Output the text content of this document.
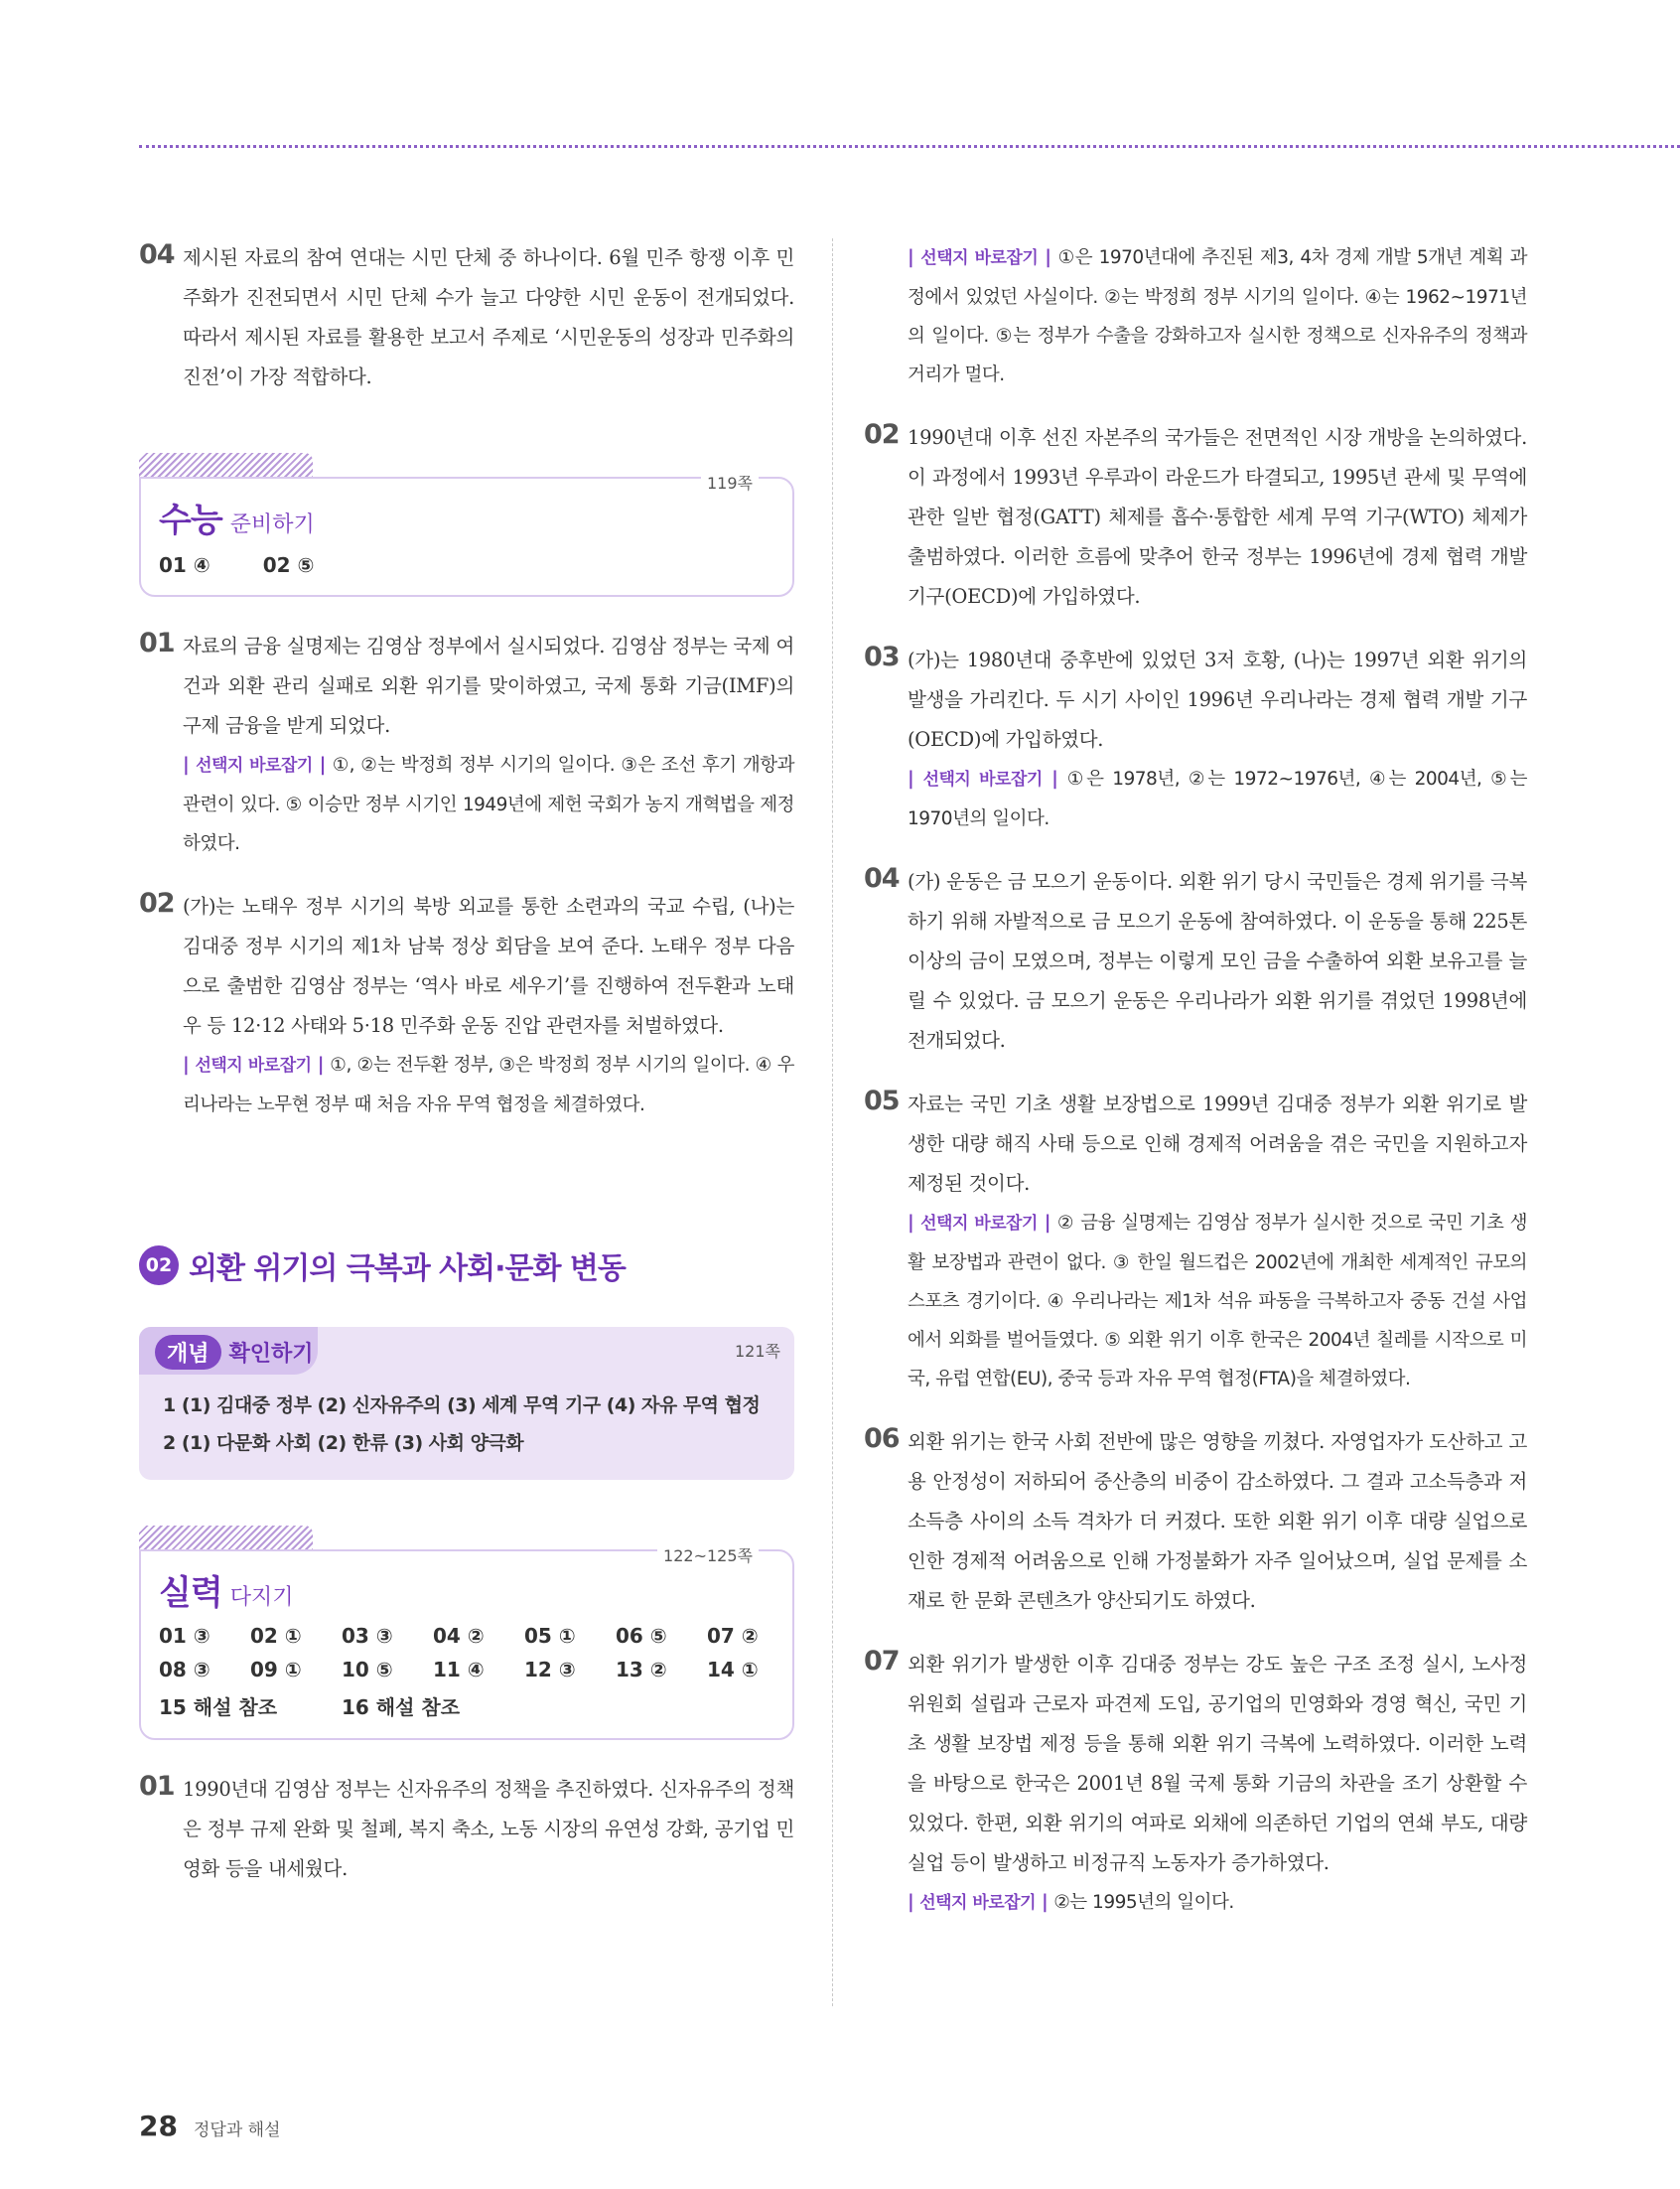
04 제시된 자료의 참여 연대는 시민 단체 중 하나이다. 6월 민주 항쟁 이후 민주화가 진전되면서 시민 단체 수가 늘고 다양한 시민 운동이 전개되었다. 따라서 제시된 자료를 활용한 보고서 주제로 ‘시민운동의 성장과 민주화의 진전’이 가장 적합하다.
119쪽
수능 준비하기
01 ④	02 ⑤
01 자료의 금융 실명제는 김영삼 정부에서 실시되었다. 김영삼 정부는 국제 여건과 외환 관리 실패로 외환 위기를 맞이하였고, 국제 통화 기금(IMF)의 구제 금융을 받게 되었다.
| 선택지 바로잡기 | ①, ②는 박정희 정부 시기의 일이다. ③은 조선 후기 개항과 관련이 있다. ⑤ 이승만 정부 시기인 1949년에 제헌 국회가 농지 개혁법을 제정하였다.
02 (가)는 노태우 정부 시기의 북방 외교를 통한 소련과의 국교 수립, (나)는 김대중 정부 시기의 제1차 남북 정상 회담을 보여 준다. 노태우 정부 다음으로 출범한 김영삼 정부는 ‘역사 바로 세우기’를 진행하여 전두환과 노태우 등 12·12 사태와 5·18 민주화 운동 진압 관련자를 처벌하였다.
| 선택지 바로잡기 | ①, ②는 전두환 정부, ③은 박정희 정부 시기의 일이다. ④ 우리나라는 노무현 정부 때 처음 자유 무역 협정을 체결하였다.
02 외환 위기의 극복과 사회·문화 변동
개념 확인하기	121쪽
1 (1) 김대중 정부 (2) 신자유주의 (3) 세계 무역 기구 (4) 자유 무역 협정
2 (1) 다문화 사회 (2) 한류 (3) 사회 양극화
122~125쪽
실력 다지기
01 ③	02 ①	03 ③	04 ②	05 ①	06 ⑤	07 ②
08 ③	09 ①	10 ⑤	11 ④	12 ③	13 ②	14 ①
15 해설 참조	16 해설 참조
01 1990년대 김영삼 정부는 신자유주의 정책을 추진하였다. 신자유주의 정책은 정부 규제 완화 및 철폐, 복지 축소, 노동 시장의 유연성 강화, 공기업 민영화 등을 내세웠다.
| 선택지 바로잡기 | ①은 1970년대에 추진된 제3, 4차 경제 개발 5개년 계획 과정에서 있었던 사실이다. ②는 박정희 정부 시기의 일이다. ④는 1962~1971년의 일이다. ⑤는 정부가 수출을 강화하고자 실시한 정책으로 신자유주의 정책과 거리가 멀다.
02 1990년대 이후 선진 자본주의 국가들은 전면적인 시장 개방을 논의하였다. 이 과정에서 1993년 우루과이 라운드가 타결되고, 1995년 관세 및 무역에 관한 일반 협정(GATT) 체제를 흡수·통합한 세계 무역 기구(WTO) 체제가 출범하였다. 이러한 흐름에 맞추어 한국 정부는 1996년에 경제 협력 개발 기구(OECD)에 가입하였다.
03 (가)는 1980년대 중후반에 있었던 3저 호황, (나)는 1997년 외환 위기의 발생을 가리킨다. 두 시기 사이인 1996년 우리나라는 경제 협력 개발 기구(OECD)에 가입하였다.
| 선택지 바로잡기 | ①은 1978년, ②는 1972~1976년, ④는 2004년, ⑤는 1970년의 일이다.
04 (가) 운동은 금 모으기 운동이다. 외환 위기 당시 국민들은 경제 위기를 극복하기 위해 자발적으로 금 모으기 운동에 참여하였다. 이 운동을 통해 225톤 이상의 금이 모였으며, 정부는 이렇게 모인 금을 수출하여 외환 보유고를 늘릴 수 있었다. 금 모으기 운동은 우리나라가 외환 위기를 겪었던 1998년에 전개되었다.
05 자료는 국민 기초 생활 보장법으로 1999년 김대중 정부가 외환 위기로 발생한 대량 해직 사태 등으로 인해 경제적 어려움을 겪은 국민을 지원하고자 제정된 것이다.
| 선택지 바로잡기 | ② 금융 실명제는 김영삼 정부가 실시한 것으로 국민 기초 생활 보장법과 관련이 없다. ③ 한일 월드컵은 2002년에 개최한 세계적인 규모의 스포츠 경기이다. ④ 우리나라는 제1차 석유 파동을 극복하고자 중동 건설 사업에서 외화를 벌어들였다. ⑤ 외환 위기 이후 한국은 2004년 칠레를 시작으로 미국, 유럽 연합(EU), 중국 등과 자유 무역 협정(FTA)을 체결하였다.
06 외환 위기는 한국 사회 전반에 많은 영향을 끼쳤다. 자영업자가 도산하고 고용 안정성이 저하되어 중산층의 비중이 감소하였다. 그 결과 고소득층과 저소득층 사이의 소득 격차가 더 커졌다. 또한 외환 위기 이후 대량 실업으로 인한 경제적 어려움으로 인해 가정불화가 자주 일어났으며, 실업 문제를 소재로 한 문화 콘텐츠가 양산되기도 하였다.
07 외환 위기가 발생한 이후 김대중 정부는 강도 높은 구조 조정 실시, 노사정 위원회 설립과 근로자 파견제 도입, 공기업의 민영화와 경영 혁신, 국민 기초 생활 보장법 제정 등을 통해 외환 위기 극복에 노력하였다. 이러한 노력을 바탕으로 한국은 2001년 8월 국제 통화 기금의 차관을 조기 상환할 수 있었다. 한편, 외환 위기의 여파로 외채에 의존하던 기업의 연쇄 부도, 대량 실업 등이 발생하고 비정규직 노동자가 증가하였다.
| 선택지 바로잡기 | ②는 1995년의 일이다.
28 정답과 해설
